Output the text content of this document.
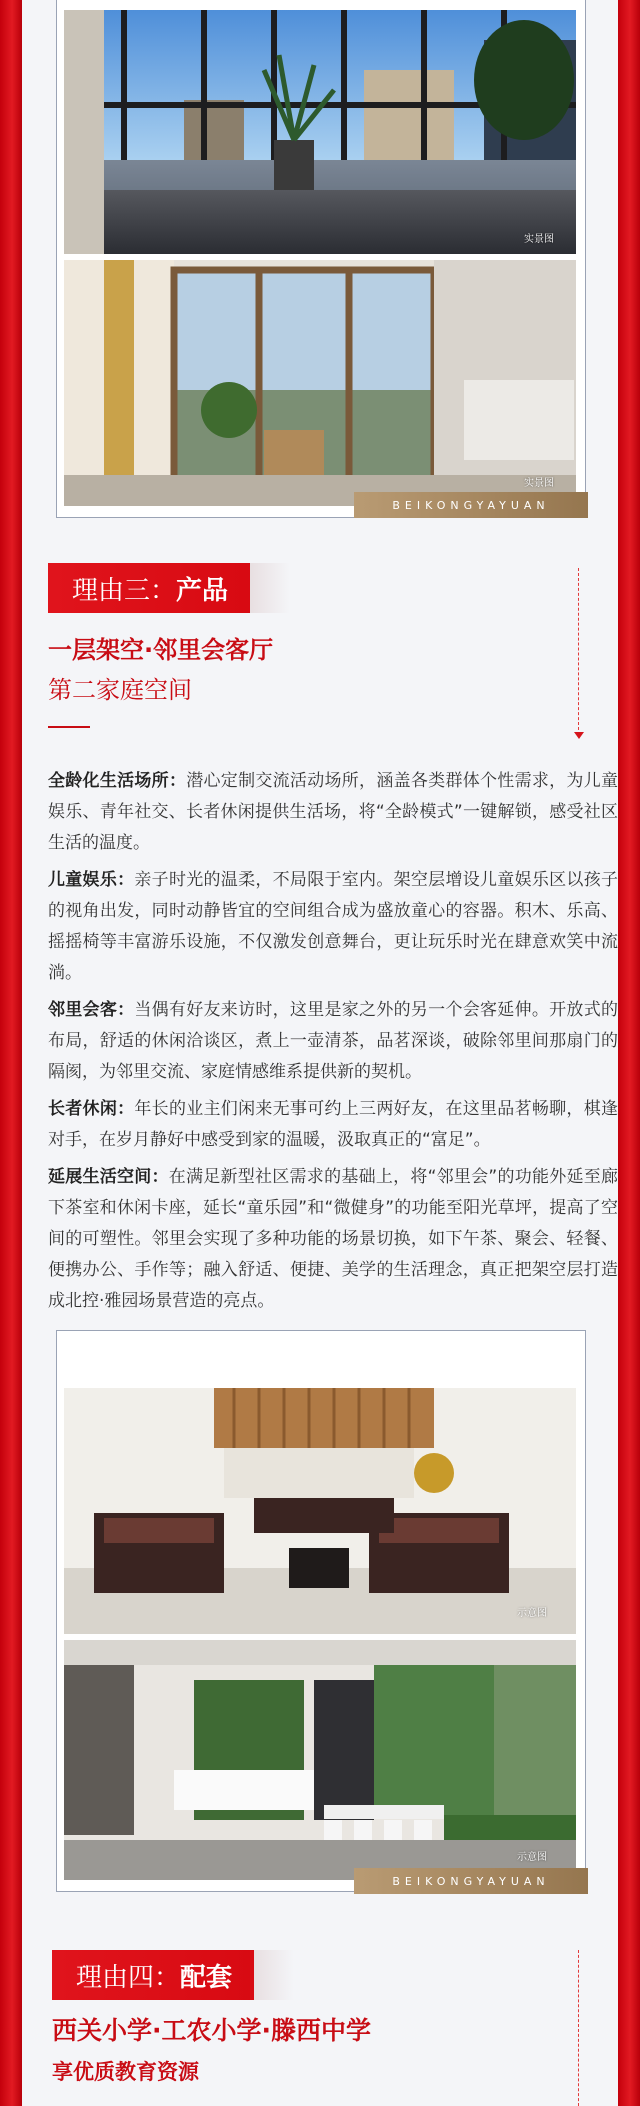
实景图
实景图
BEIKONGYAYUAN
理由三： 产品
一层架空·邻里会客厅
第二家庭空间

全龄化生活场所：潜心定制交流活动场所，涵盖各类群体个性需求，为儿童娱乐、青年社交、长者休闲提供生活场，将“全龄模式”一键解锁，感受社区生活的温度。

儿童娱乐：亲子时光的温柔，不局限于室内。架空层增设儿童娱乐区以孩子的视角出发，同时动静皆宜的空间组合成为盛放童心的容器。积木、乐高、摇摇椅等丰富游乐设施，不仅激发创意舞台，更让玩乐时光在肆意欢笑中流淌。

邻里会客：当偶有好友来访时，这里是家之外的另一个会客延伸。开放式的布局，舒适的休闲洽谈区，煮上一壶清茶，品茗深谈，破除邻里间那扇门的隔阂，为邻里交流、家庭情感维系提供新的契机。

长者休闲：年长的业主们闲来无事可约上三两好友，在这里品茗畅聊，棋逢对手，在岁月静好中感受到家的温暖，汲取真正的“富足”。

延展生活空间：在满足新型社区需求的基础上，将“邻里会”的功能外延至廊下茶室和休闲卡座，延长“童乐园”和“微健身”的功能至阳光草坪，提高了空间的可塑性。邻里会实现了多种功能的场景切换，如下午茶、聚会、轻餐、便携办公、手作等；融入舒适、便捷、美学的生活理念，真正把架空层打造成北控·雅园场景营造的亮点。

示意图
示意图
BEIKONGYAYUAN
理由四： 配套
西关小学·工农小学·滕西中学
享优质教育资源
